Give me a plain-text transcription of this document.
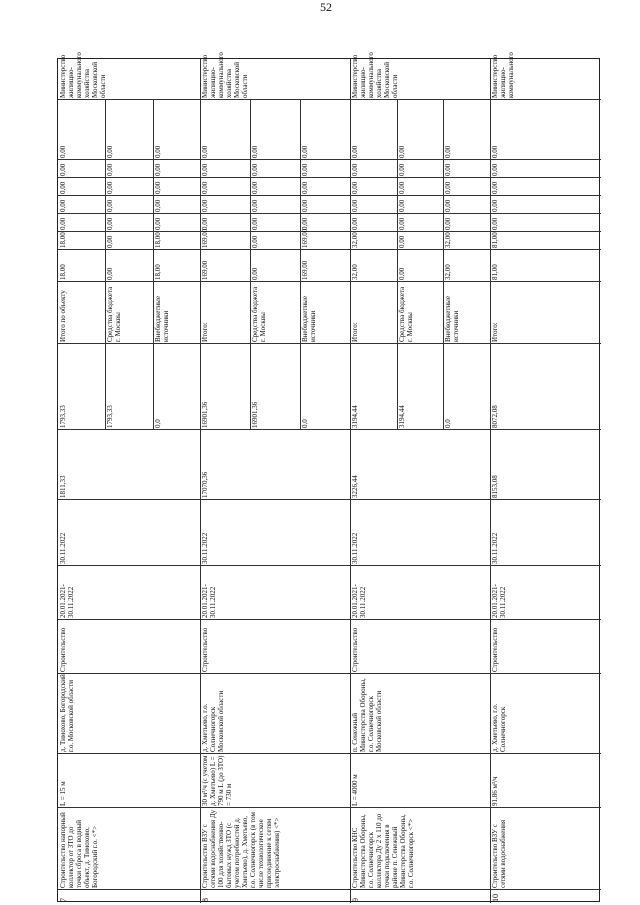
52
7
Строительство напорный коллектор от ЗТО до точки сброса в водный объект, д. Тимохово, Богородский г.о. <*>
L = 15 м
д. Тимохово, Богородский г.о. Московской области
Строительство
20.01.2021-30.11.2022
30.11.2022
1811,33
Министерство жилищно-коммунального хозяйства Московской области
1793,33
Итого по объекту
18,00
18,00
0,00
0,00
0,00
0,00
0,00
1793,33
Средства бюджета г. Москвы
0,00
0,00
0,00
0,00
0,00
0,00
0,00
0,0
Внебюджетные источники
18,00
18,00
0,00
0,00
0,00
0,00
0,00
8
Строительство ВЗУ с сетями водоснабжения Ду 100 для хозяйственно-бытовых нужд ЗТО (с учетом потребностей д. Хметьево), д. Хметьево, г.о. Солнечногорск (в том числе технологическое присоединение к сетям электроснабжения) <*>
30 м³/ч (с учетом д. Хметьево) L = 790 м L (до ЗТО) = 730 м
д. Хметьево, г.о. Солнечногорск Московской области
Строительство
20.01.2021-30.11.2022
30.11.2022
17070,36
Министерство жилищно-коммунального хозяйства Московской области
16901,36
Итого:
169,00
169,00
0,00
0,00
0,00
0,00
0,00
16901,36
Средства бюджета г. Москвы
0,00
0,00
0,00
0,00
0,00
0,00
0,00
0,0
Внебюджетные источники
169,00
169,00
0,00
0,00
0,00
0,00
0,00
9
Строительство КНС Министерства Обороны, г.о. Солнечногорск коллектора Ду 2 х 110 до точки подключения в районе п. Сенежный Министерства Обороны, г.о. Солнечногорск <*>
L = 4000 м
п. Сенежный Министерства Обороны, г.о. Солнечногорск Московской области
Строительство
20.01.2021-30.11.2022
30.11.2022
3226,44
Министерство жилищно-коммунального хозяйства Московской области
3194,44
Итого:
32,00
32,00
0,00
0,00
0,00
0,00
0,00
3194,44
Средства бюджета г. Москвы
0,00
0,00
0,00
0,00
0,00
0,00
0,00
0,0
Внебюджетные источники
32,00
32,00
0,00
0,00
0,00
0,00
0,00
10
Строительство ВЗУ с сетями водоснабжения
91,86 м³/ч
д. Хметьево, г.о. Солнечногорск
Строительство
20.01.2021-30.11.2022
30.11.2022
8153,08
Министерство жилищно-коммунального
8072,08
Итого:
81,00
81,00
0,00
0,00
0,00
0,00
0,00
